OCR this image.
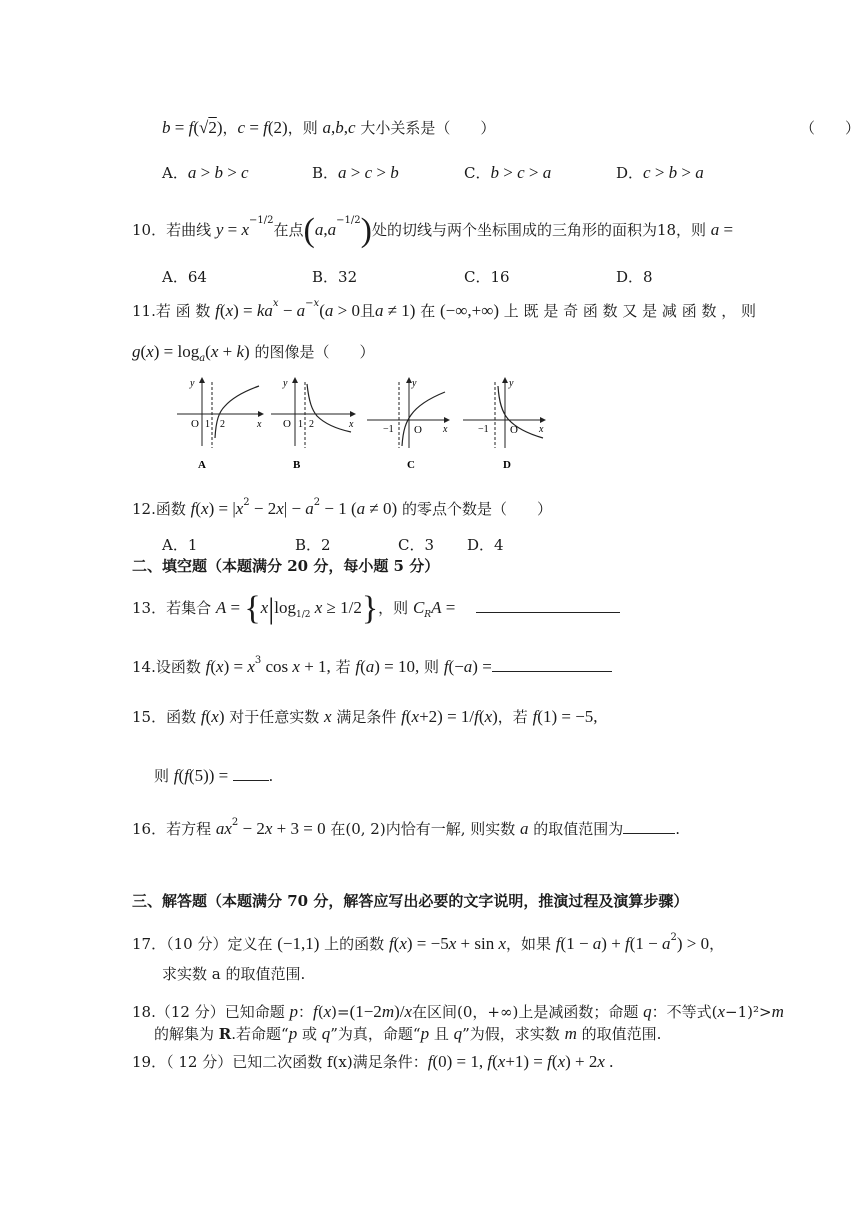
b = f(√2)，c = f(2)，则 a,b,c 大小关系是（　　）	（　　）
A．a > b > c	B．a > c > b	C．b > c > a	D．c > b > a
10．若曲线 $y = x^{-1/2}$在点$(a,a^{-1/2})$处的切线与两个坐标围成的三角形的面积为18，则 a =
A．64	B．32	C．16	D．8
11.若 函 数 $f(x) = ka^x - a^{-x}(a > 0$且a ≠ 1) 在 (−∞,+∞) 上 既 是 奇 函 数 又 是 减 函 数 ， 则
$g(x) = \log_a(x + k)$ 的图像是（　　）
y
x
O 1 2
A
y
x
O 1 2
B
y
x
O
−1
C
y
x
O
−1
D
12.函数 $f(x) = |x^2 - 2x| - a^2 - 1$ (a ≠ 0) 的零点个数是（　　）
A．1	B．2	C．3 D．4
二、填空题（本题满分 20 分，每小题 5 分）
13．若集合 $A = \{x|\log_{1/2}$ x ≥ 1/2}，则 $C_RA$ =
14.设函数 $f(x) = x^3$ cos x + 1, 若 f(a) = 10, 则 f(−a) =
15．函数 f(x) 对于任意实数 x 满足条件 f(x+2) = 1/f(x)，若 f(1) = −5,
则 f(f(5)) = .
16．若方程 $ax^2 - 2x + 3 = 0$ 在(0, 2)内恰有一解, 则实数 a 的取值范围为	.
三、解答题（本题满分 70 分，解答应写出必要的文字说明，推演过程及演算步骤）
17．（10 分）定义在 (−1,1) 上的函数 f(x) = −5x + sin x，如果 $f(1 - a) + f(1 - a^2) > 0$，
求实数 a 的取值范围.
18.（12 分）已知命题 p：f(x)=(1−2m)/x在区间(0，+∞)上是减函数；命题 q：不等式(x−1)²>m
的解集为 R.若命题“p 或 q”为真，命题“p 且 q”为假，求实数 m 的取值范围.
19．（ 12 分）已知二次函数 f(x)满足条件：f(0) = 1, f(x+1) = f(x) + 2x .
